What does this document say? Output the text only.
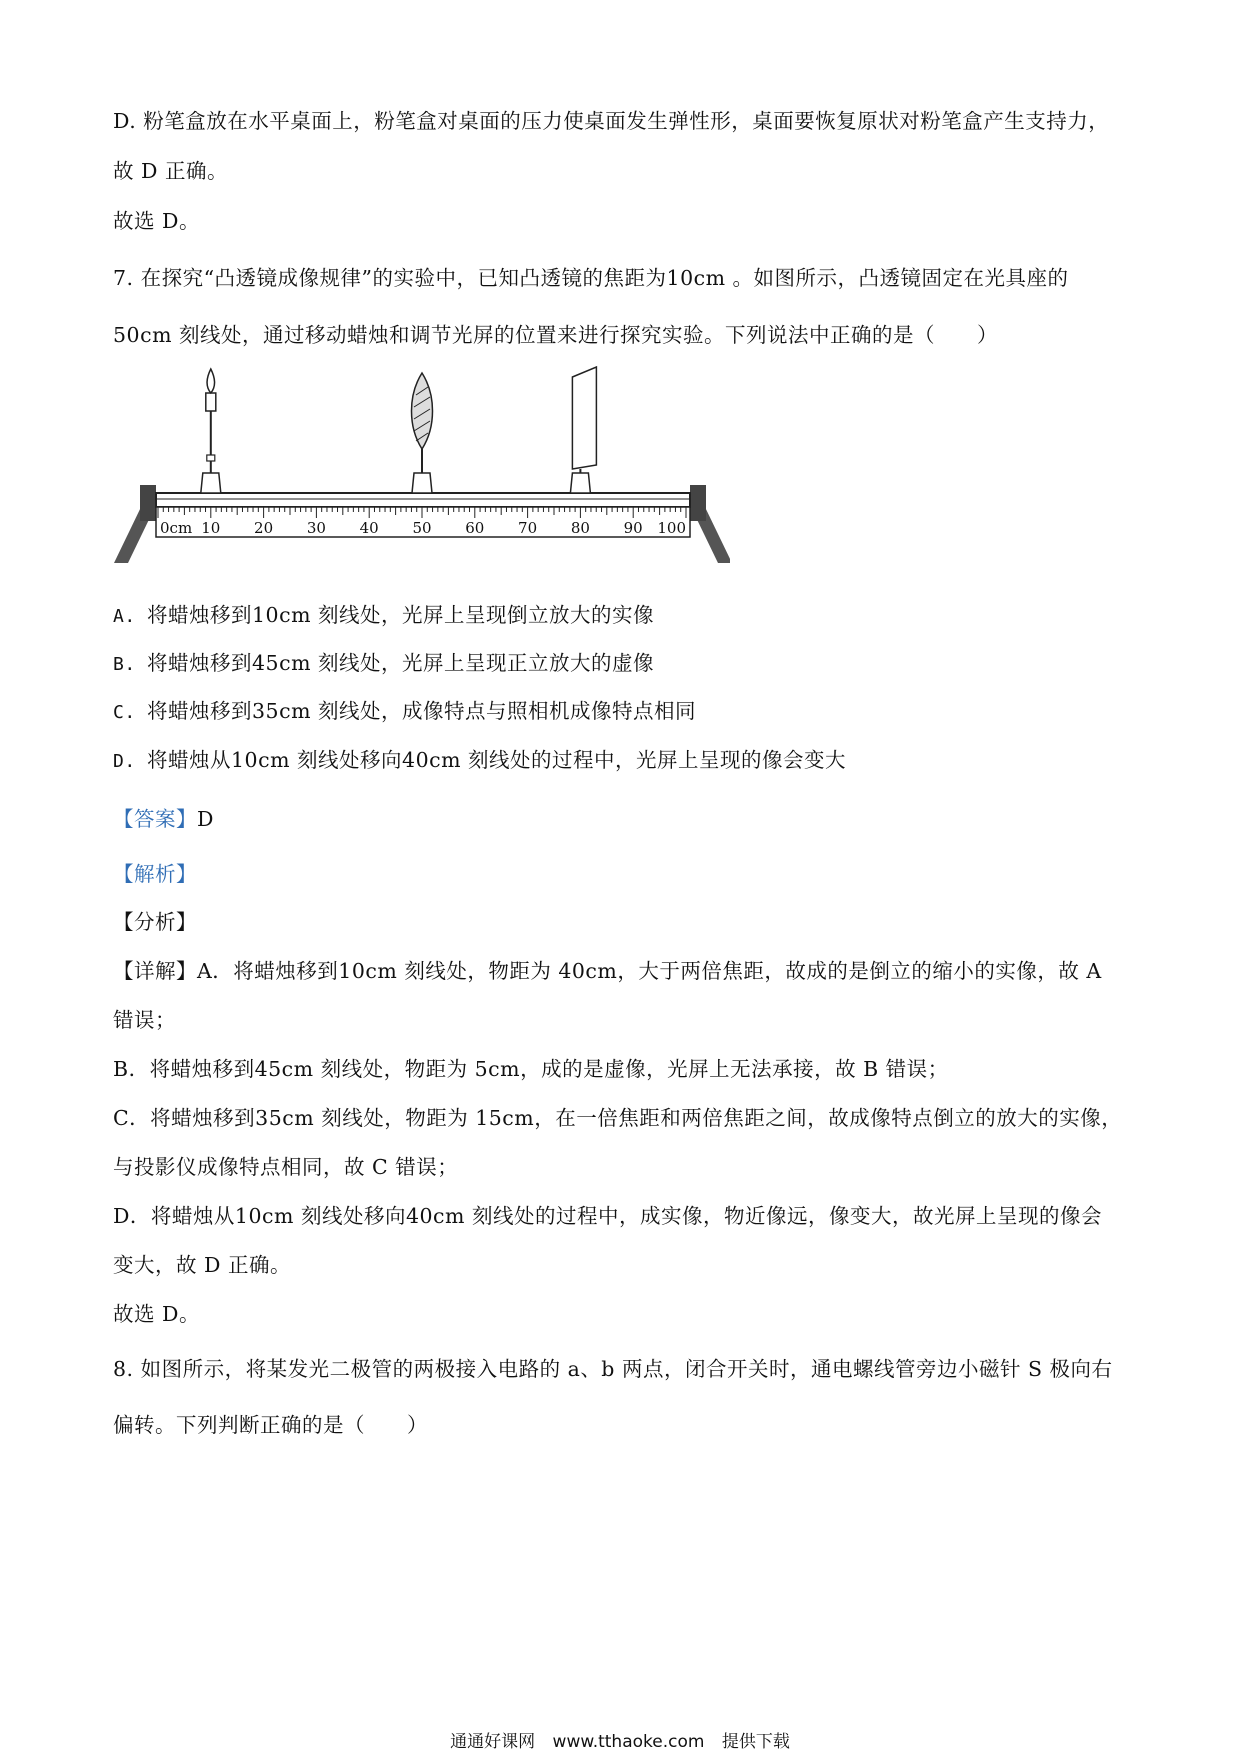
D. 粉笔盒放在水平桌面上，粉笔盒对桌面的压力使桌面发生弹性形，桌面要恢复原状对粉笔盒产生支持力，
故 D 正确。
故选 D。
7. 在探究“凸透镜成像规律”的实验中，已知凸透镜的焦距为10cm 。如图所示，凸透镜固定在光具座的
50cm 刻线处，通过移动蜡烛和调节光屏的位置来进行探究实验。下列说法中正确的是（　　）
0cm 10 20 30 40 50 60 70 80 90 100
A. 将蜡烛移到10cm 刻线处，光屏上呈现倒立放大的实像
B. 将蜡烛移到45cm 刻线处，光屏上呈现正立放大的虚像
C. 将蜡烛移到35cm 刻线处，成像特点与照相机成像特点相同
D. 将蜡烛从10cm 刻线处移向40cm 刻线处的过程中，光屏上呈现的像会变大
【答案】D
【解析】
【分析】
【详解】A．将蜡烛移到10cm 刻线处，物距为 40cm，大于两倍焦距，故成的是倒立的缩小的实像，故 A
错误；
B．将蜡烛移到45cm 刻线处，物距为 5cm，成的是虚像，光屏上无法承接，故 B 错误；
C．将蜡烛移到35cm 刻线处，物距为 15cm，在一倍焦距和两倍焦距之间，故成像特点倒立的放大的实像，
与投影仪成像特点相同，故 C 错误；
D．将蜡烛从10cm 刻线处移向40cm 刻线处的过程中，成实像，物近像远，像变大，故光屏上呈现的像会
变大，故 D 正确。
故选 D。
8. 如图所示，将某发光二极管的两极接入电路的 a、b 两点，闭合开关时，通电螺线管旁边小磁针 S 极向右
偏转。下列判断正确的是（　　）
通通好课网 www.tthaoke.com 提供下载
